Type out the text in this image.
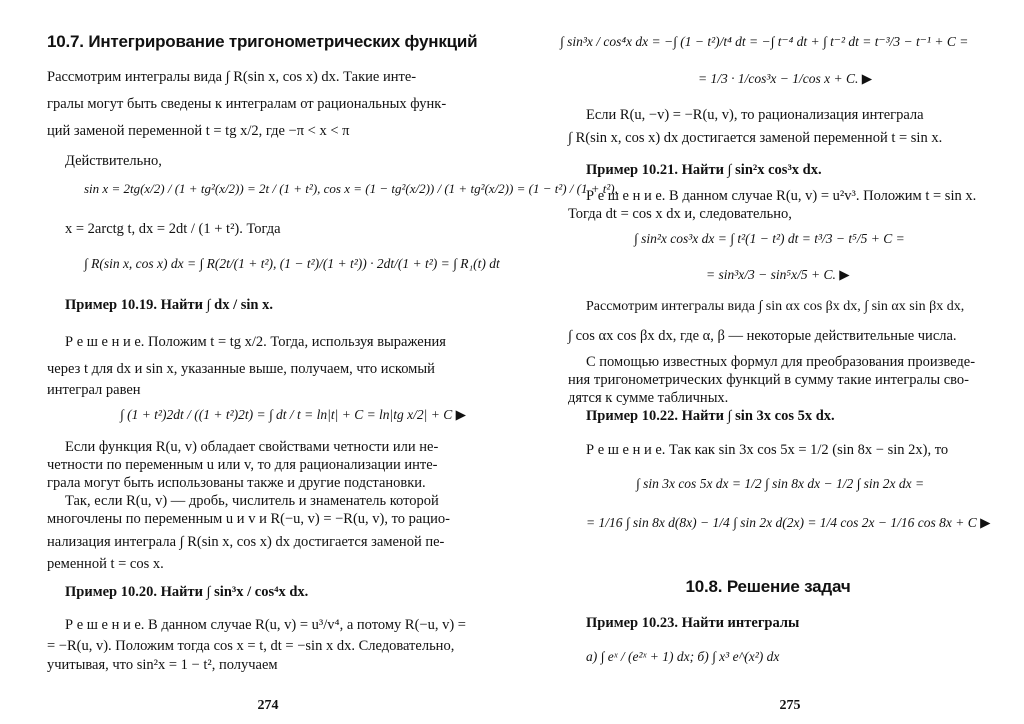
10.7. Интегрирование тригонометрических функций
Рассмотрим интегралы вида ∫ R(sin x, cos x) dx. Такие инте-
гралы могут быть сведены к интегралам от рациональных функ-
ций заменой переменной t = tg x/2, где −π < x < π
Действительно,
sin x = 2tg(x/2) / (1 + tg²(x/2)) = 2t / (1 + t²), cos x = (1 − tg²(x/2)) / (1 + tg²(x/2)) = (1 − t²) / (1 + t²),
x = 2arctg t, dx = 2dt / (1 + t²). Тогда
∫ R(sin x, cos x) dx = ∫ R(2t/(1 + t²), (1 − t²)/(1 + t²)) · 2dt/(1 + t²) = ∫ R₁(t) dt
Пример 10.19. Найти ∫ dx / sin x.
Р е ш е н и е. Положим t = tg x/2. Тогда, используя выражения
через t для dx и sin x, указанные выше, получаем, что искомый
интеграл равен
∫ (1 + t²)2dt / ((1 + t²)2t) = ∫ dt / t = ln|t| + C = ln|tg x/2| + C ▶
Если функция R(u, v) обладает свойствами четности или не-
четности по переменным u или v, то для рационализации инте-
грала могут быть использованы также и другие подстановки.
Так, если R(u, v) — дробь, числитель и знаменатель которой
многочлены по переменным u и v и R(−u, v) = −R(u, v), то рацио-
нализация интеграла ∫ R(sin x, cos x) dx достигается заменой пе-
ременной t = cos x.
Пример 10.20. Найти ∫ sin³x / cos⁴x dx.
Р е ш е н и е. В данном случае R(u, v) = u³/v⁴, а потому R(−u, v) =
= −R(u, v). Положим тогда cos x = t, dt = −sin x dx. Следовательно,
учитывая, что sin²x = 1 − t², получаем
274
∫ sin³x / cos⁴x dx = −∫ (1 − t²)/t⁴ dt = −∫ t⁻⁴ dt + ∫ t⁻² dt = t⁻³/3 − t⁻¹ + C =
= 1/3 · 1/cos³x − 1/cos x + C. ▶
Если R(u, −v) = −R(u, v), то рационализация интеграла
∫ R(sin x, cos x) dx достигается заменой переменной t = sin x.
Пример 10.21. Найти ∫ sin²x cos³x dx.
Р е ш е н и е. В данном случае R(u, v) = u²v³. Положим t = sin x.
Тогда dt = cos x dx и, следовательно,
∫ sin²x cos³x dx = ∫ t²(1 − t²) dt = t³/3 − t⁵/5 + C =
= sin³x/3 − sin⁵x/5 + C. ▶
Рассмотрим интегралы вида ∫ sin αx cos βx dx, ∫ sin αx sin βx dx,
∫ cos αx cos βx dx, где α, β — некоторые действительные числа.
С помощью известных формул для преобразования произведе-
ния тригонометрических функций в сумму такие интегралы сво-
дятся к сумме табличных.
Пример 10.22. Найти ∫ sin 3x cos 5x dx.
Р е ш е н и е. Так как sin 3x cos 5x = 1/2 (sin 8x − sin 2x), то
∫ sin 3x cos 5x dx = 1/2 ∫ sin 8x dx − 1/2 ∫ sin 2x dx =
= 1/16 ∫ sin 8x d(8x) − 1/4 ∫ sin 2x d(2x) = 1/4 cos 2x − 1/16 cos 8x + C ▶
10.8. Решение задач
Пример 10.23. Найти интегралы
а) ∫ eˣ / (e²ˣ + 1) dx; б) ∫ x³ e^(x²) dx
275
